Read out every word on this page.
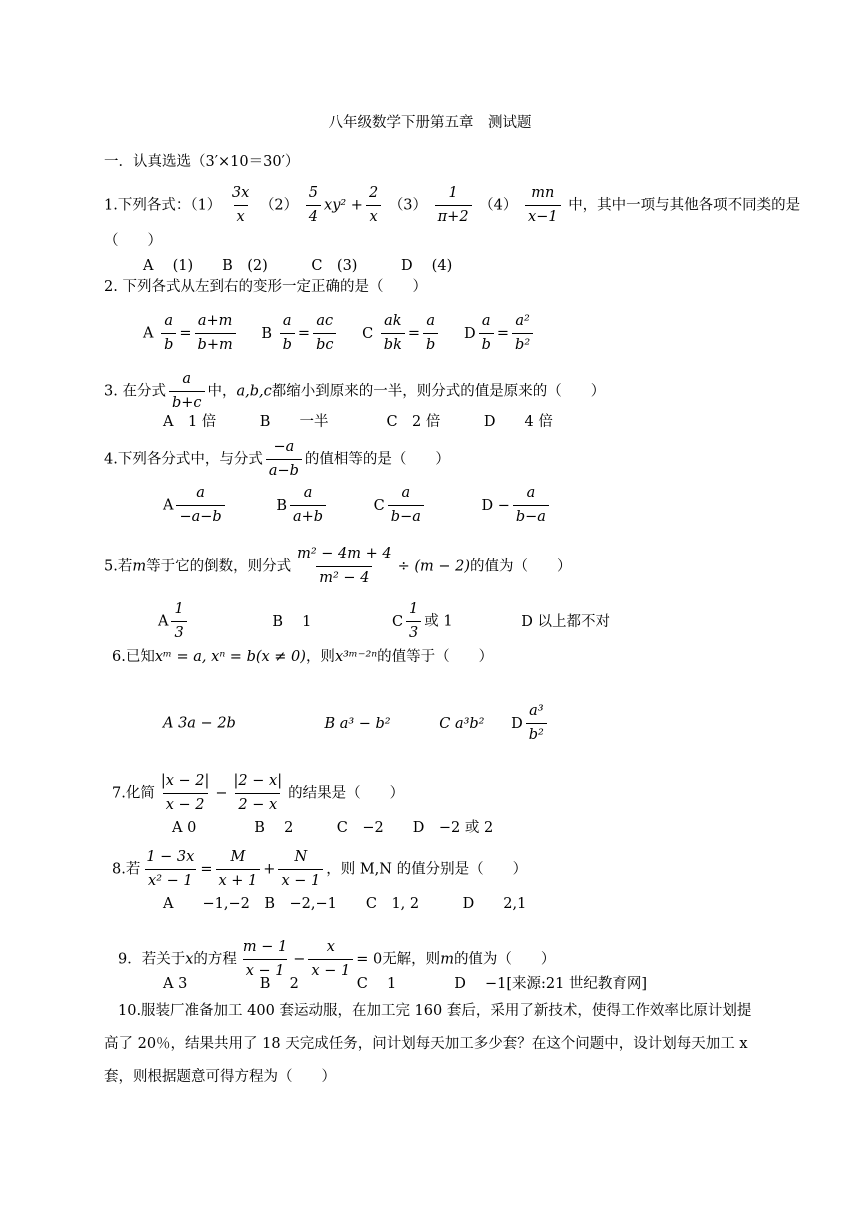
八年级数学下册第五章　测试题
一．认真选选（3′×10＝30′）
1.下列各式：$(1) \frac{3x}{x} (2) \frac{5}{4} xy^2 + \frac{2}{x} (3) \frac{1}{\pi+2} (4) \frac{mn}{x-1}$ 中，其中一项与其他各项不同类的是
（　　）
A　 (1)　　B　(2)　　　C　(3)　　　D　 (4)
2. 下列各式从左到右的变形一定正确的是（　　）
A $\frac{a}{b} = \frac{a+m}{b+m}$ B $\frac{a}{b} = \frac{ac}{bc}$ C $\frac{ak}{bk} = \frac{a}{b}$ D $\frac{a}{b} = \frac{\text{a²}}{\text{b²}}$
3. 在分式 $\frac{a}{b+c}$ 中，a,b,c都缩小到原来的一半，则分式的值是原来的（　　）
A　1 倍　　　B　　一半　　　　C　2 倍　　　D　　4 倍
4.下列各分式中，与分式 $\frac{-a}{a-b}$ 的值相等的是（　　）
A $\frac{a}{-a-b}$	B $\frac{a}{a+b}$	C $\frac{a}{b-a}$	$D - \frac{a}{b-a}$
5.若m等于它的倒数，则分式 $\frac{\text{m² − 4m + 4}}{\text{m² − 4}} \div (m - 2)$的值为（　　）
A $\frac{1}{3}$	B　 1	C $\frac{1}{3}$ 或 1	D 以上都不对
6.已知xᵐ = a, xⁿ = b(x ≠ 0)，则x³ᵐ⁻²ⁿ的值等于（　　）
A 3a − 2b	B a³ − b²	C a³b² D $\frac{\text{a³}}{\text{b²}}$
7.化简 $\frac{|x - 2|}{x - 2} - \frac{|2 - x|}{2 - x}$ 的结果是（　　）
A 0　　　　B　 2　　　C　−2　　D　−2 或 2
8.若 $\frac{1 - 3x}{\text{x² − 1}} = \frac{M}{x + 1} + \frac{N}{x - 1}$ ，则 M,N 的值分别是（　　）
A　　−1,−2　B　−2,−1　　C　1, 2　　　D　　2,1
9．若关于x的方程 $\frac{m - 1}{x - 1} - \frac{x}{x - 1} = 0$无解，则m的值为（　　）
A 3　　　　　B　 2　　　　C　 1　　　　D　 −1[来源:21 世纪教育网]
10.服装厂准备加工 400 套运动服，在加工完 160 套后，采用了新技术，使得工作效率比原计划提
高了 20％，结果共用了 18 天完成任务，问计划每天加工多少套？在这个问题中，设计划每天加工 x
套，则根据题意可得方程为（　　）
